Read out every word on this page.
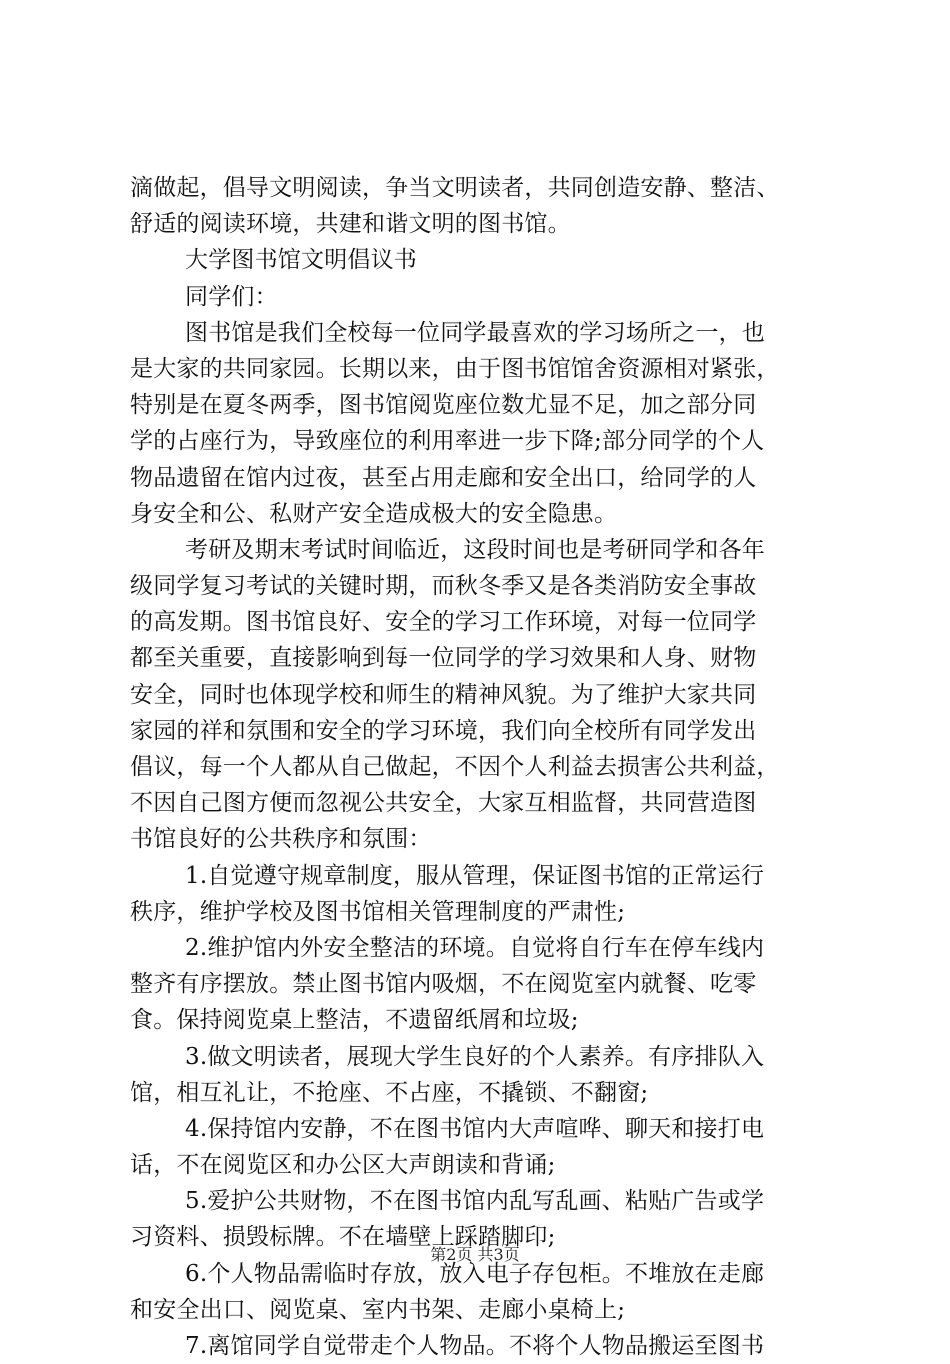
滴做起，倡导文明阅读，争当文明读者，共同创造安静、整洁、
舒适的阅读环境，共建和谐文明的图书馆。
大学图书馆文明倡议书
同学们：
图书馆是我们全校每一位同学最喜欢的学习场所之一，也
是大家的共同家园。长期以来，由于图书馆馆舍资源相对紧张，
特别是在夏冬两季，图书馆阅览座位数尤显不足，加之部分同
学的占座行为，导致座位的利用率进一步下降;部分同学的个人
物品遗留在馆内过夜，甚至占用走廊和安全出口，给同学的人
身安全和公、私财产安全造成极大的安全隐患。
考研及期末考试时间临近，这段时间也是考研同学和各年
级同学复习考试的关键时期，而秋冬季又是各类消防安全事故
的高发期。图书馆良好、安全的学习工作环境，对每一位同学
都至关重要，直接影响到每一位同学的学习效果和人身、财物
安全，同时也体现学校和师生的精神风貌。为了维护大家共同
家园的祥和氛围和安全的学习环境，我们向全校所有同学发出
倡议，每一个人都从自己做起，不因个人利益去损害公共利益，
不因自己图方便而忽视公共安全，大家互相监督，共同营造图
书馆良好的公共秩序和氛围：
1.自觉遵守规章制度，服从管理，保证图书馆的正常运行
秩序，维护学校及图书馆相关管理制度的严肃性;
2.维护馆内外安全整洁的环境。自觉将自行车在停车线内
整齐有序摆放。禁止图书馆内吸烟，不在阅览室内就餐、吃零
食。保持阅览桌上整洁，不遗留纸屑和垃圾;
3.做文明读者，展现大学生良好的个人素养。有序排队入
馆，相互礼让，不抢座、不占座，不撬锁、不翻窗;
4.保持馆内安静，不在图书馆内大声喧哗、聊天和接打电
话，不在阅览区和办公区大声朗读和背诵;
5.爱护公共财物，不在图书馆内乱写乱画、粘贴广告或学
习资料、损毁标牌。不在墙壁上踩踏脚印;
6.个人物品需临时存放，放入电子存包柜。不堆放在走廊
和安全出口、阅览桌、室内书架、走廊小桌椅上;
7.离馆同学自觉带走个人物品。不将个人物品搬运至图书
第2页 共3页
